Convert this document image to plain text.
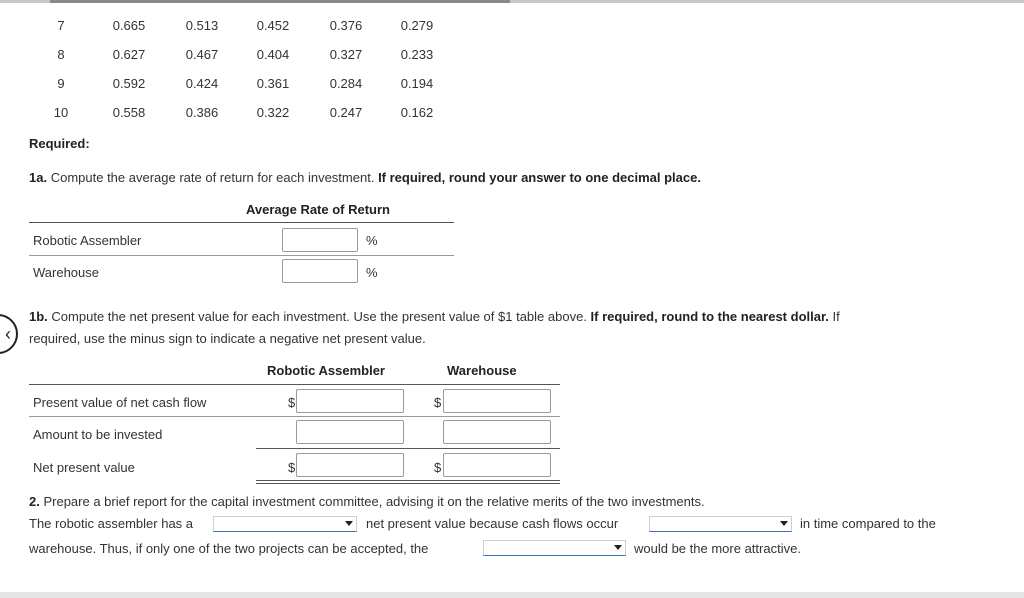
7	0.665	0.513	0.452	0.376	0.279
8	0.627	0.467	0.404	0.327	0.233
9	0.592	0.424	0.361	0.284	0.194
10	0.558	0.386	0.322	0.247	0.162
Required:
1a. Compute the average rate of return for each investment. If required, round your answer to one decimal place.
Average Rate of Return
Robotic Assembler	%
Warehouse	%
‹
1b. Compute the net present value for each investment. Use the present value of $1 table above. If required, round to the nearest dollar. If
required, use the minus sign to indicate a negative net present value.
Robotic Assembler	Warehouse
Present value of net cash flow	$	$
Amount to be invested
Net present value	$	$
2. Prepare a brief report for the capital investment committee, advising it on the relative merits of the two investments.
The robotic assembler has a	net present value because cash flows occur	in time compared to the
warehouse. Thus, if only one of the two projects can be accepted, the	would be the more attractive.
